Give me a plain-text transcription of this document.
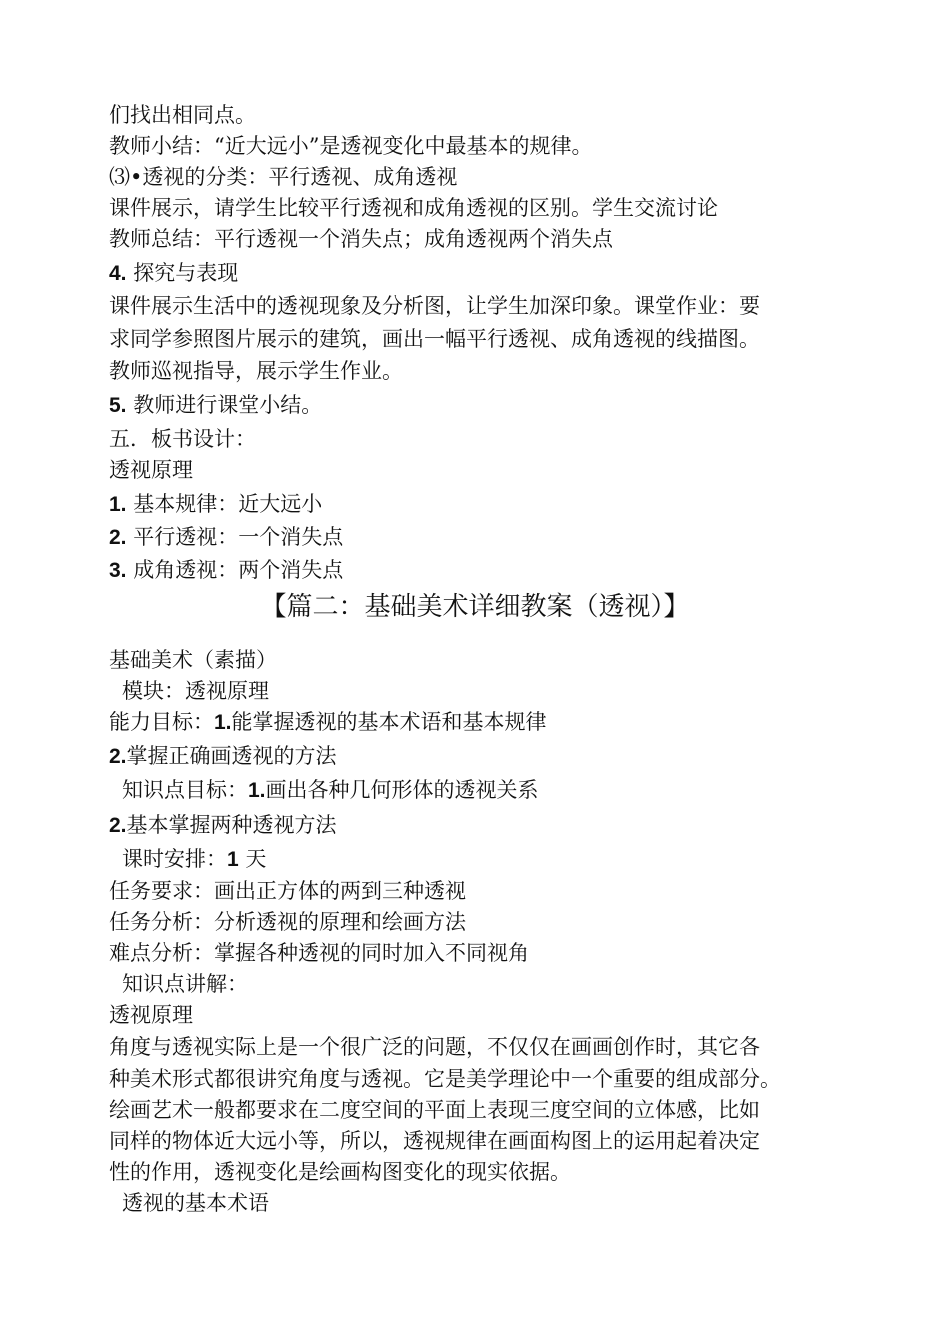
们找出相同点。
教师小结：“近大远小”是透视变化中最基本的规律。
⑶•透视的分类：平行透视、成角透视
课件展示，请学生比较平行透视和成角透视的区别。学生交流讨论
教师总结：平行透视一个消失点；成角透视两个消失点
4. 探究与表现
课件展示生活中的透视现象及分析图，让学生加深印象。课堂作业：要
求同学参照图片展示的建筑，画出一幅平行透视、成角透视的线描图。
教师巡视指导，展示学生作业。
5. 教师进行课堂小结。
五．板书设计：
透视原理
1. 基本规律：近大远小
2. 平行透视：一个消失点
3. 成角透视：两个消失点
【篇二：基础美术详细教案（透视）】
基础美术（素描）
模块：透视原理
能力目标：1.能掌握透视的基本术语和基本规律
2.掌握正确画透视的方法
知识点目标：1.画出各种几何形体的透视关系
2.基本掌握两种透视方法
课时安排：1 天
任务要求：画出正方体的两到三种透视
任务分析：分析透视的原理和绘画方法
难点分析：掌握各种透视的同时加入不同视角
知识点讲解：
透视原理
角度与透视实际上是一个很广泛的问题，不仅仅在画画创作时，其它各
种美术形式都很讲究角度与透视。它是美学理论中一个重要的组成部分。
绘画艺术一般都要求在二度空间的平面上表现三度空间的立体感，比如
同样的物体近大远小等，所以，透视规律在画面构图上的运用起着决定
性的作用，透视变化是绘画构图变化的现实依据。
透视的基本术语
